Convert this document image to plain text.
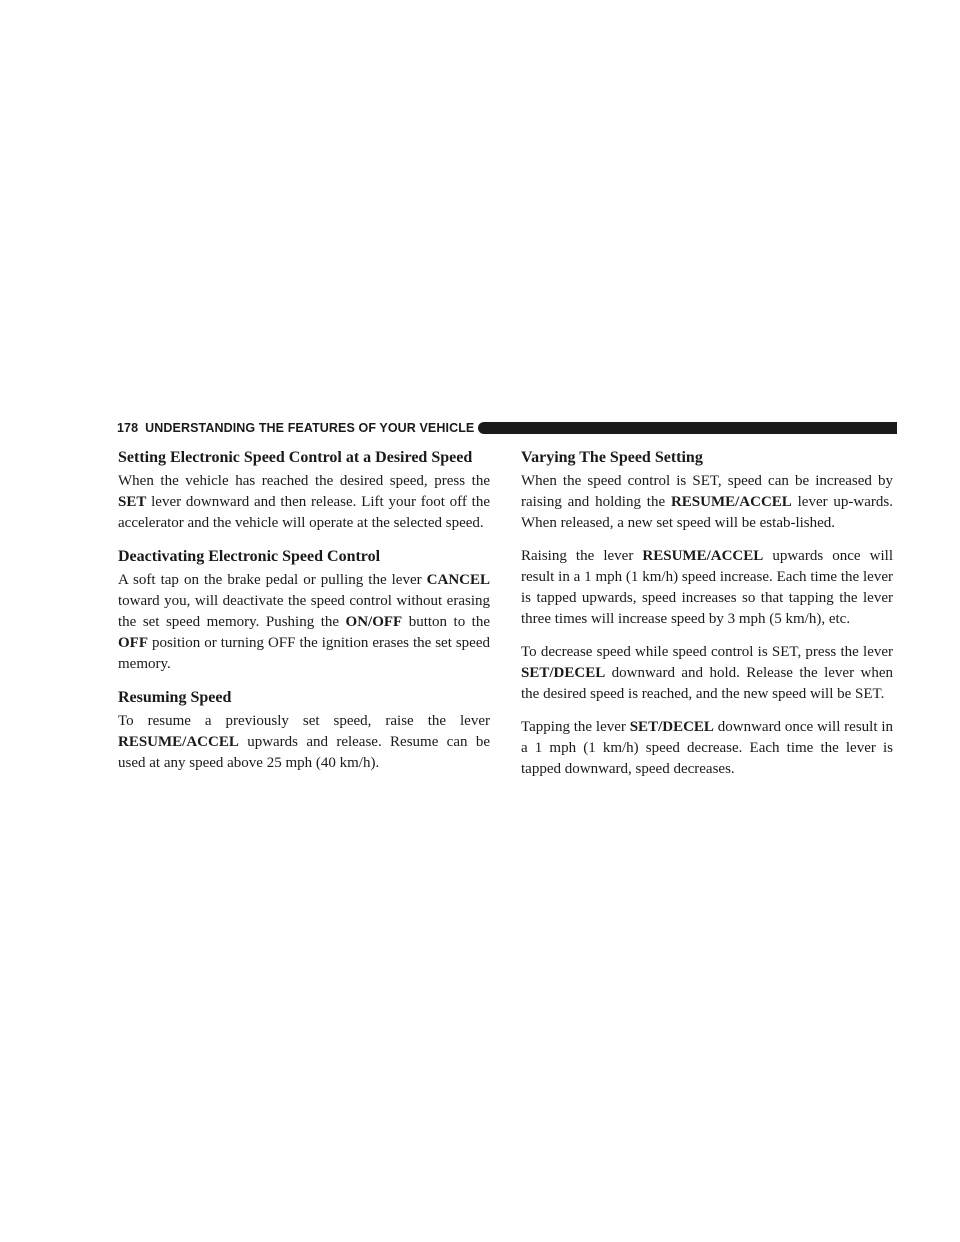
178 UNDERSTANDING THE FEATURES OF YOUR VEHICLE
Setting Electronic Speed Control at a Desired Speed

When the vehicle has reached the desired speed, press the SET lever downward and then release. Lift your foot off the accelerator and the vehicle will operate at the selected speed.

Deactivating Electronic Speed Control

A soft tap on the brake pedal or pulling the lever CANCEL toward you, will deactivate the speed control without erasing the set speed memory. Pushing the ON/OFF button to the OFF position or turning OFF the ignition erases the set speed memory.

Resuming Speed

To resume a previously set speed, raise the lever RESUME/ACCEL upwards and release. Resume can be used at any speed above 25 mph (40 km/h).

Varying The Speed Setting

When the speed control is SET, speed can be increased by raising and holding the RESUME/ACCEL lever up-wards. When released, a new set speed will be estab-lished.

Raising the lever RESUME/ACCEL upwards once will result in a 1 mph (1 km/h) speed increase. Each time the lever is tapped upwards, speed increases so that tapping the lever three times will increase speed by 3 mph (5 km/h), etc.

To decrease speed while speed control is SET, press the lever SET/DECEL downward and hold. Release the lever when the desired speed is reached, and the new speed will be SET.

Tapping the lever SET/DECEL downward once will result in a 1 mph (1 km/h) speed decrease. Each time the lever is tapped downward, speed decreases.
